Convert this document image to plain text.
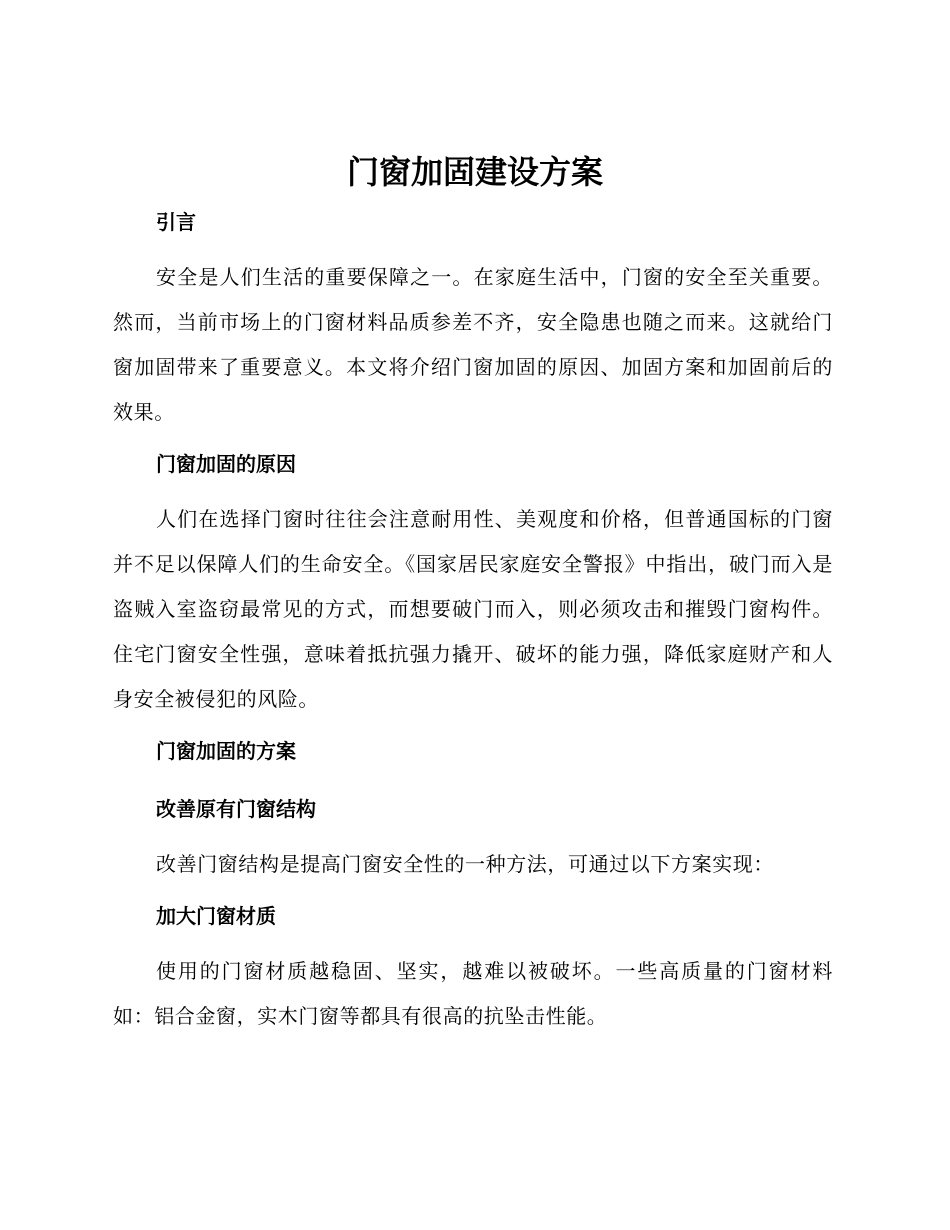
门窗加固建设方案

引言

安全是人们生活的重要保障之一。在家庭生活中，门窗的安全至关重要。然而，当前市场上的门窗材料品质参差不齐，安全隐患也随之而来。这就给门窗加固带来了重要意义。本文将介绍门窗加固的原因、加固方案和加固前后的效果。

门窗加固的原因

人们在选择门窗时往往会注意耐用性、美观度和价格，但普通国标的门窗并不足以保障人们的生命安全。《国家居民家庭安全警报》中指出，破门而入是盗贼入室盗窃最常见的方式，而想要破门而入，则必须攻击和摧毁门窗构件。住宅门窗安全性强，意味着抵抗强力撬开、破坏的能力强，降低家庭财产和人身安全被侵犯的风险。

门窗加固的方案

改善原有门窗结构

改善门窗结构是提高门窗安全性的一种方法，可通过以下方案实现：

加大门窗材质

使用的门窗材质越稳固、坚实，越难以被破坏。一些高质量的门窗材料如：铝合金窗，实木门窗等都具有很高的抗坠击性能。
